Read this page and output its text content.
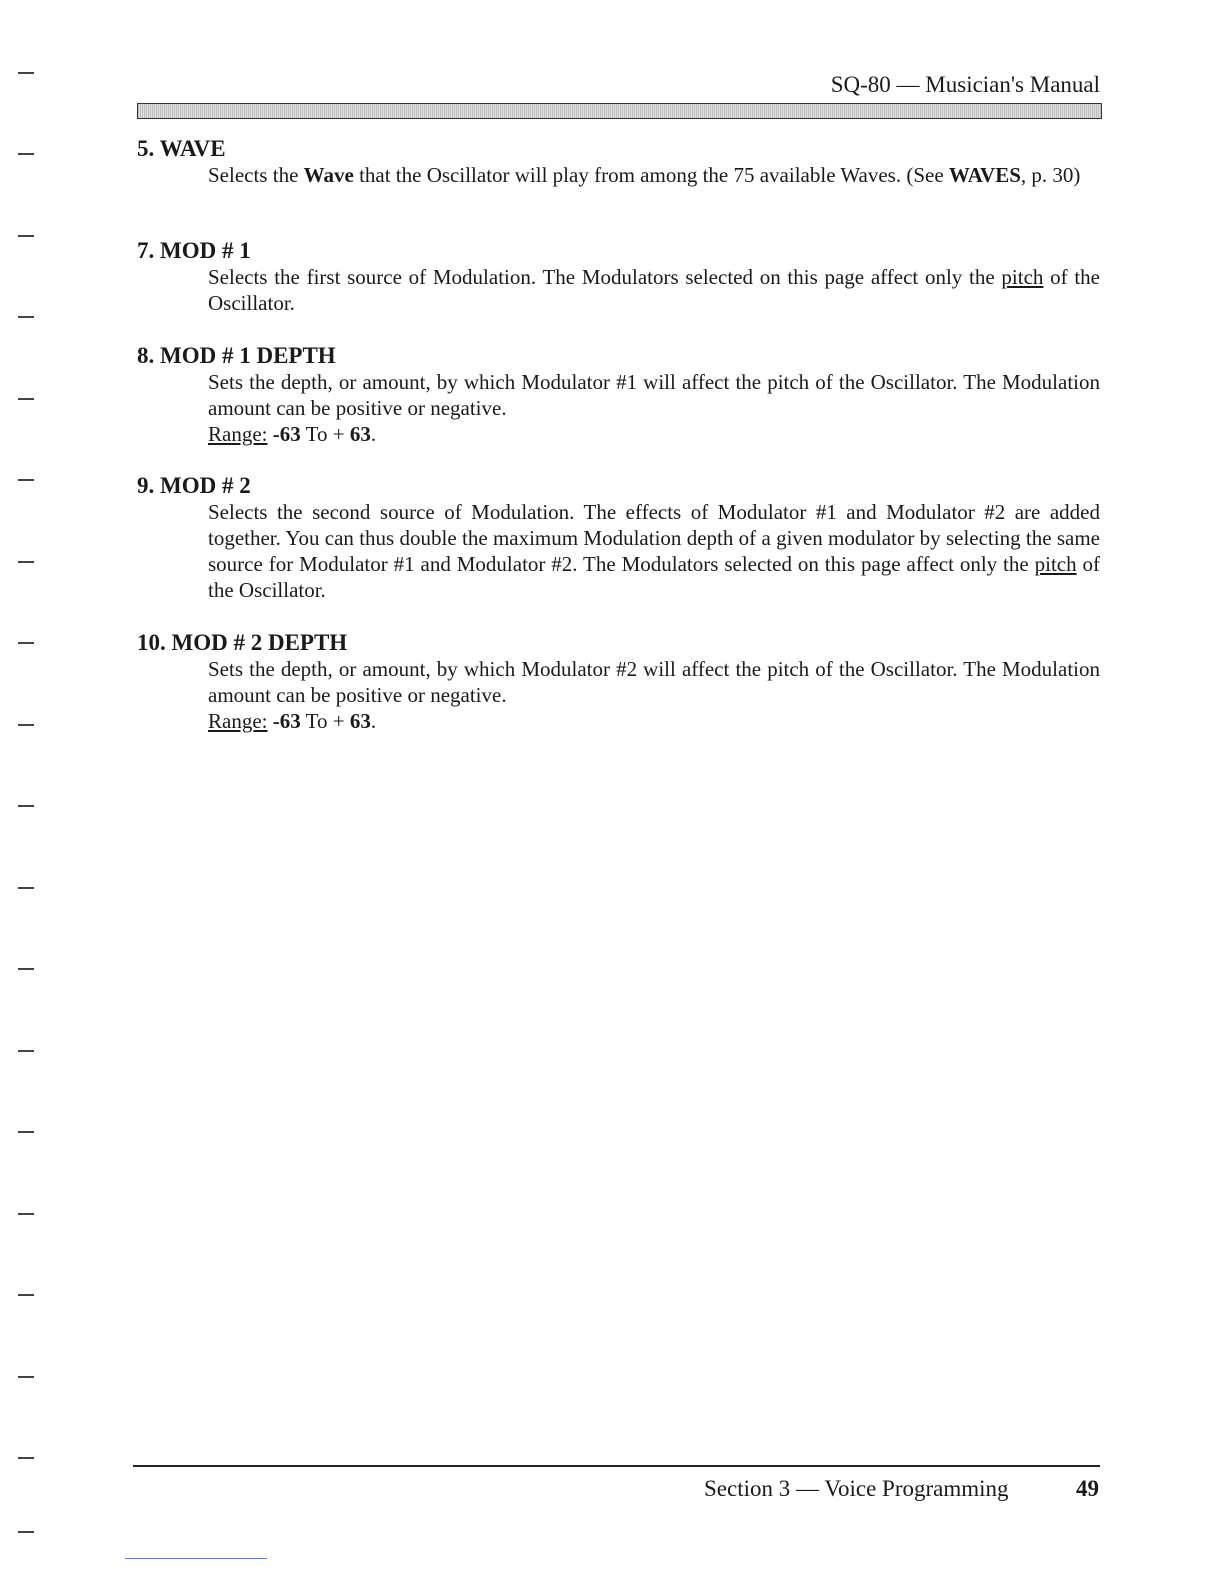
SQ-80 — Musician's Manual
5. WAVE
Selects the Wave that the Oscillator will play from among the 75 available Waves. (See WAVES, p. 30)
7. MOD # 1
Selects the first source of Modulation. The Modulators selected on this page affect only the pitch of the Oscillator.
8. MOD # 1 DEPTH
Sets the depth, or amount, by which Modulator #1 will affect the pitch of the Oscillator. The Modulation amount can be positive or negative.
Range: -63 To + 63.
9. MOD # 2
Selects the second source of Modulation. The effects of Modulator #1 and Modulator #2 are added together. You can thus double the maximum Modulation depth of a given modulator by selecting the same source for Modulator #1 and Modulator #2. The Modulators selected on this page affect only the pitch of the Oscillator.
10. MOD # 2 DEPTH
Sets the depth, or amount, by which Modulator #2 will affect the pitch of the Oscillator. The Modulation amount can be positive or negative.
Range: -63 To + 63.
Section 3 — Voice Programming	49
